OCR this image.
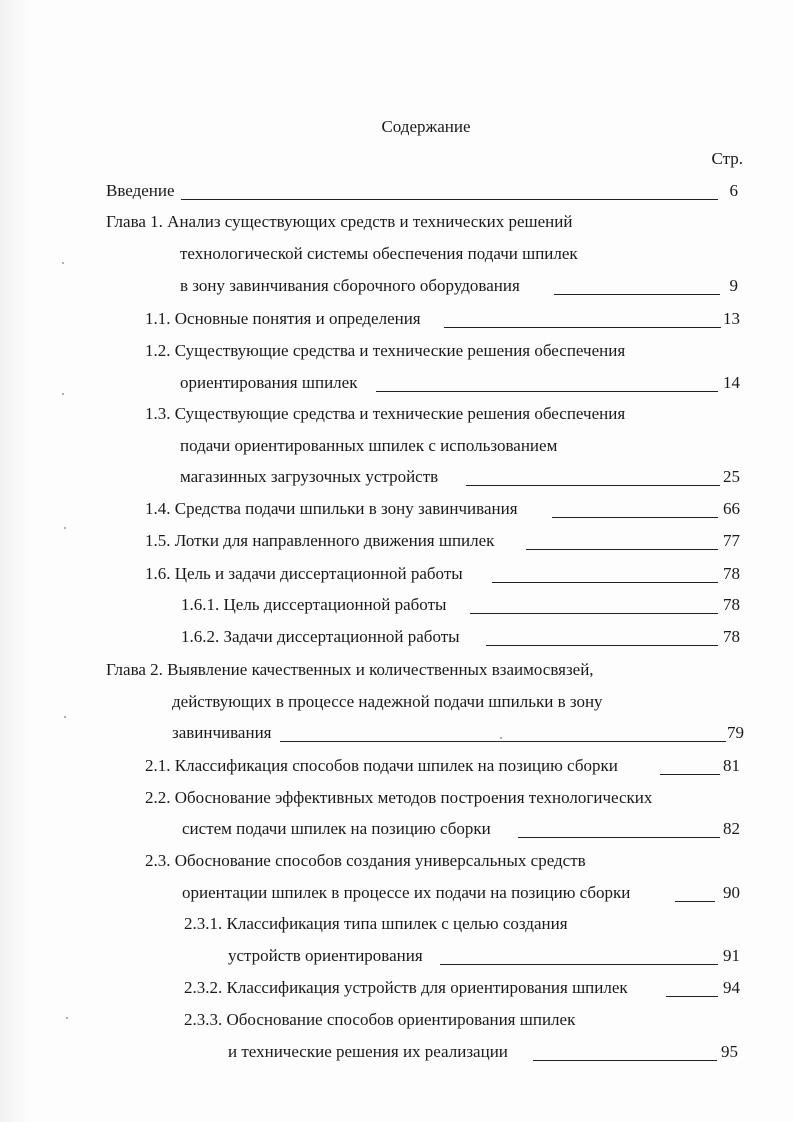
Содержание
Стр.
Введение	6
Глава 1. Анализ существующих средств и технических решений
технологической системы обеспечения подачи шпилек
в зону завинчивания сборочного оборудования	9
1.1. Основные понятия и определения	13
1.2. Существующие средства и технические решения обеспечения
ориентирования шпилек	14
1.3. Существующие средства и технические решения обеспечения
подачи ориентированных шпилек с использованием
магазинных загрузочных устройств	25
1.4. Средства подачи шпильки в зону завинчивания	66
1.5. Лотки для направленного движения шпилек	77
1.6. Цель и задачи диссертационной работы	78
1.6.1. Цель диссертационной работы	78
1.6.2. Задачи диссертационной работы	78
Глава 2. Выявление качественных и количественных взаимосвязей,
действующих в процессе надежной подачи шпильки в зону
завинчивания	79
2.1. Классификация способов подачи шпилек на позицию сборки	81
2.2. Обоснование эффективных методов построения технологических
систем подачи шпилек на позицию сборки	82
2.3. Обоснование способов создания универсальных средств
ориентации шпилек в процессе их подачи на позицию сборки	90
2.3.1. Классификация типа шпилек с целью создания
устройств ориентирования	91
2.3.2. Классификация устройств для ориентирования шпилек	94
2.3.3. Обоснование способов ориентирования шпилек
и технические решения их реализации	95
